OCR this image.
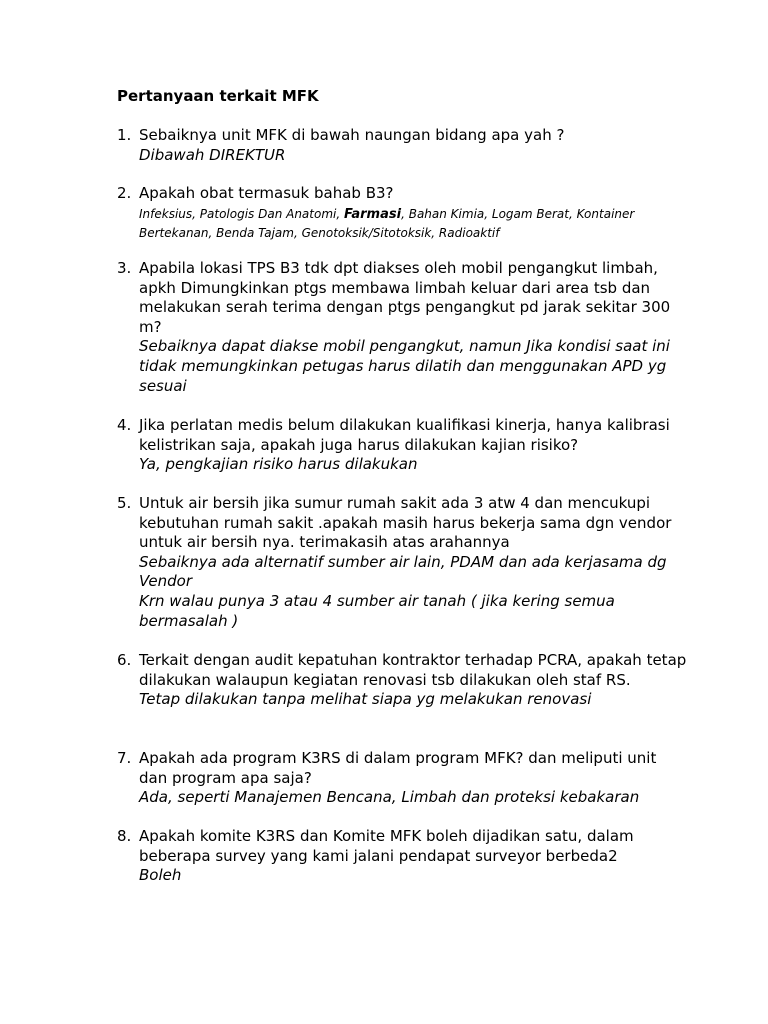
Pertanyaan terkait MFK
1. Sebaiknya unit MFK di bawah naungan bidang apa yah ?
Dibawah DIREKTUR
2. Apakah obat termasuk bahab B3?
Infeksius, Patologis Dan Anatomi, Farmasi, Bahan Kimia, Logam Berat, Kontainer Bertekanan, Benda Tajam, Genotoksik/Sitotoksik, Radioaktif
3. Apabila lokasi TPS B3 tdk dpt diakses oleh mobil pengangkut limbah, apkh Dimungkinkan ptgs membawa limbah keluar dari area tsb dan melakukan serah terima dengan ptgs pengangkut pd jarak sekitar 300 m?
Sebaiknya dapat diakse mobil pengangkut, namun Jika kondisi saat ini tidak memungkinkan petugas harus dilatih dan menggunakan APD yg sesuai
4. Jika perlatan medis belum dilakukan kualifikasi kinerja, hanya kalibrasi kelistrikan saja, apakah juga harus dilakukan kajian risiko?
Ya, pengkajian risiko harus dilakukan
5. Untuk air bersih jika sumur rumah sakit ada 3 atw 4 dan mencukupi kebutuhan rumah sakit .apakah masih harus bekerja sama dgn vendor untuk air bersih nya. terimakasih atas arahannya
Sebaiknya ada alternatif sumber air lain, PDAM dan ada kerjasama dg Vendor
Krn walau punya 3 atau 4 sumber air tanah ( jika kering semua bermasalah )
6. Terkait dengan audit kepatuhan kontraktor terhadap PCRA, apakah tetap dilakukan walaupun kegiatan renovasi tsb dilakukan oleh staf RS.
Tetap dilakukan tanpa melihat siapa yg melakukan renovasi
7. Apakah ada program K3RS di dalam program MFK? dan meliputi unit dan program apa saja?
Ada, seperti Manajemen Bencana, Limbah dan proteksi kebakaran
8. Apakah komite K3RS dan Komite MFK boleh dijadikan satu, dalam beberapa survey yang kami jalani pendapat surveyor berbeda2
Boleh
